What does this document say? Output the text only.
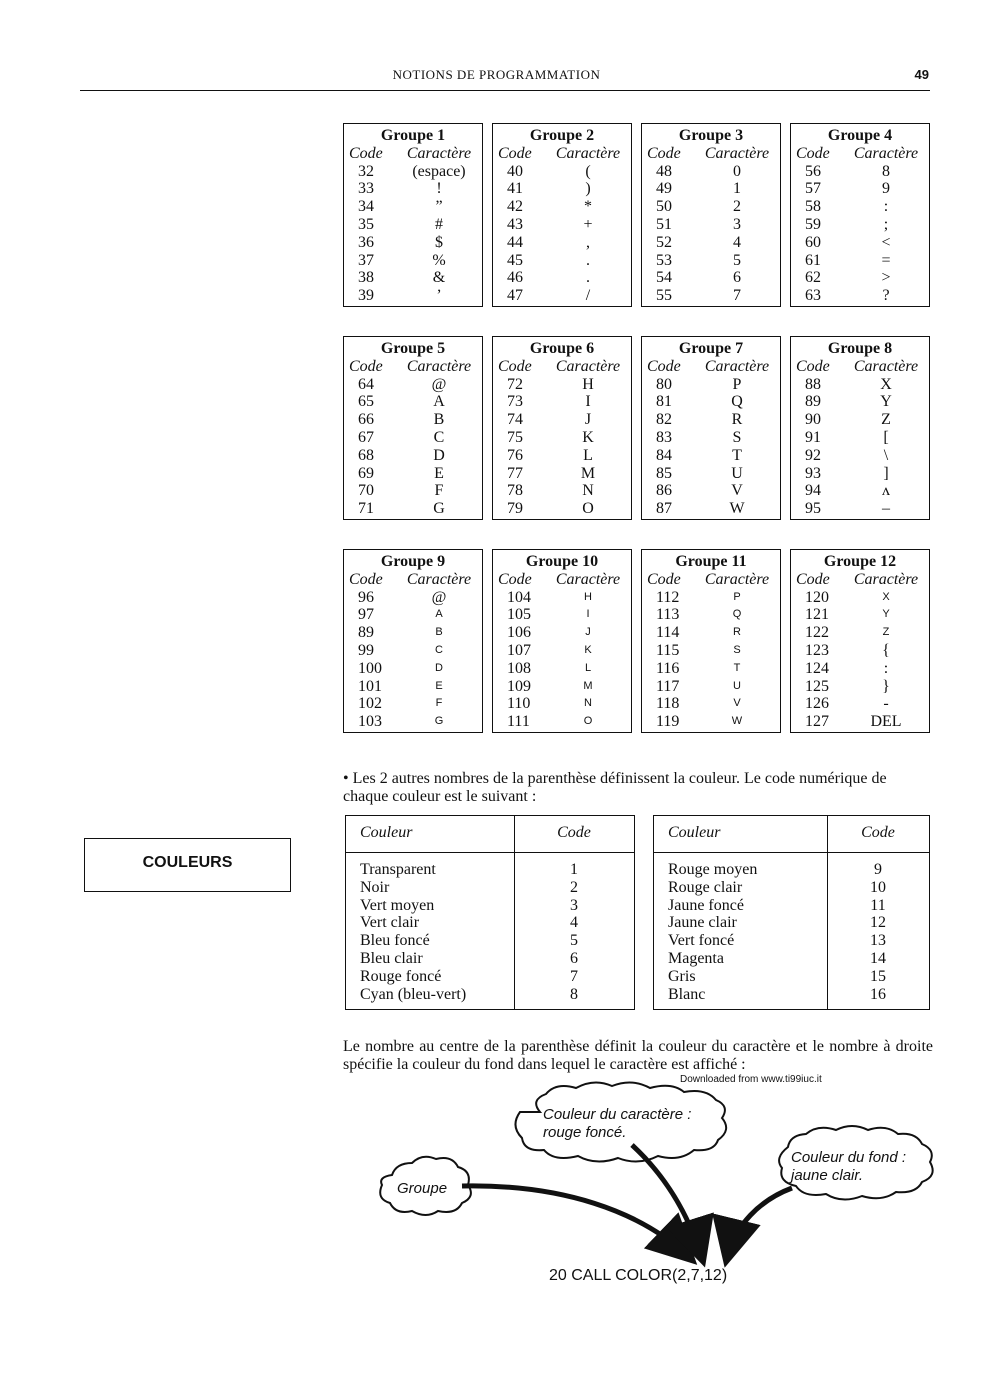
NOTIONS DE PROGRAMMATION	49
Groupe 1
Code	Caractère
32	(espace)
33	!
34	”
35	#
36	$
37	%
38	&
39	’
Groupe 2
Code	Caractère
40	(
41	)
42	*
43	+
44	,
45	.
46	.
47	/
Groupe 3
Code	Caractère
48	0
49	1
50	2
51	3
52	4
53	5
54	6
55	7
Groupe 4
Code	Caractère
56	8
57	9
58	:
59	;
60	<
61	=
62	>
63	?
Groupe 5
Code	Caractère
64	@
65	A
66	B
67	C
68	D
69	E
70	F
71	G
Groupe 6
Code	Caractère
72	H
73	I
74	J
75	K
76	L
77	M
78	N
79	O
Groupe 7
Code	Caractère
80	P
81	Q
82	R
83	S
84	T
85	U
86	V
87	W
Groupe 8
Code	Caractère
88	X
89	Y
90	Z
91	[
92	\
93	]
94	ʌ
95	–
Groupe 9
Code	Caractère
96	@
97	A
89	B
99	C
100	D
101	E
102	F
103	G
Groupe 10
Code	Caractère
104	H
105	I
106	J
107	K
108	L
109	M
110	N
111	O
Groupe 11
Code	Caractère
112	P
113	Q
114	R
115	S
116	T
117	U
118	V
119	W
Groupe 12
Code	Caractère
120	X
121	Y
122	Z
123	{
124	:
125	}
126	-
127	DEL
• Les 2 autres nombres de la parenthèse définissent la couleur. Le code numérique de chaque couleur est le suivant :
COULEURS
Couleur	Code
Transparent	1
Noir	2
Vert moyen	3
Vert clair	4
Bleu foncé	5
Bleu clair	6
Rouge foncé	7
Cyan (bleu-vert)	8
Couleur	Code
Rouge moyen	9
Rouge clair	10
Jaune foncé	11
Jaune clair	12
Vert foncé	13
Magenta	14
Gris	15
Blanc	16
Le nombre au centre de la parenthèse définit la couleur du caractère et le nombre à droite spécifie la couleur du fond dans lequel le caractère est affiché :
Downloaded from www.ti99iuc.it
Couleur du caractère :
rouge foncé.
Couleur du fond :
jaune clair.
Groupe
20 CALL COLOR(2,7,12)
